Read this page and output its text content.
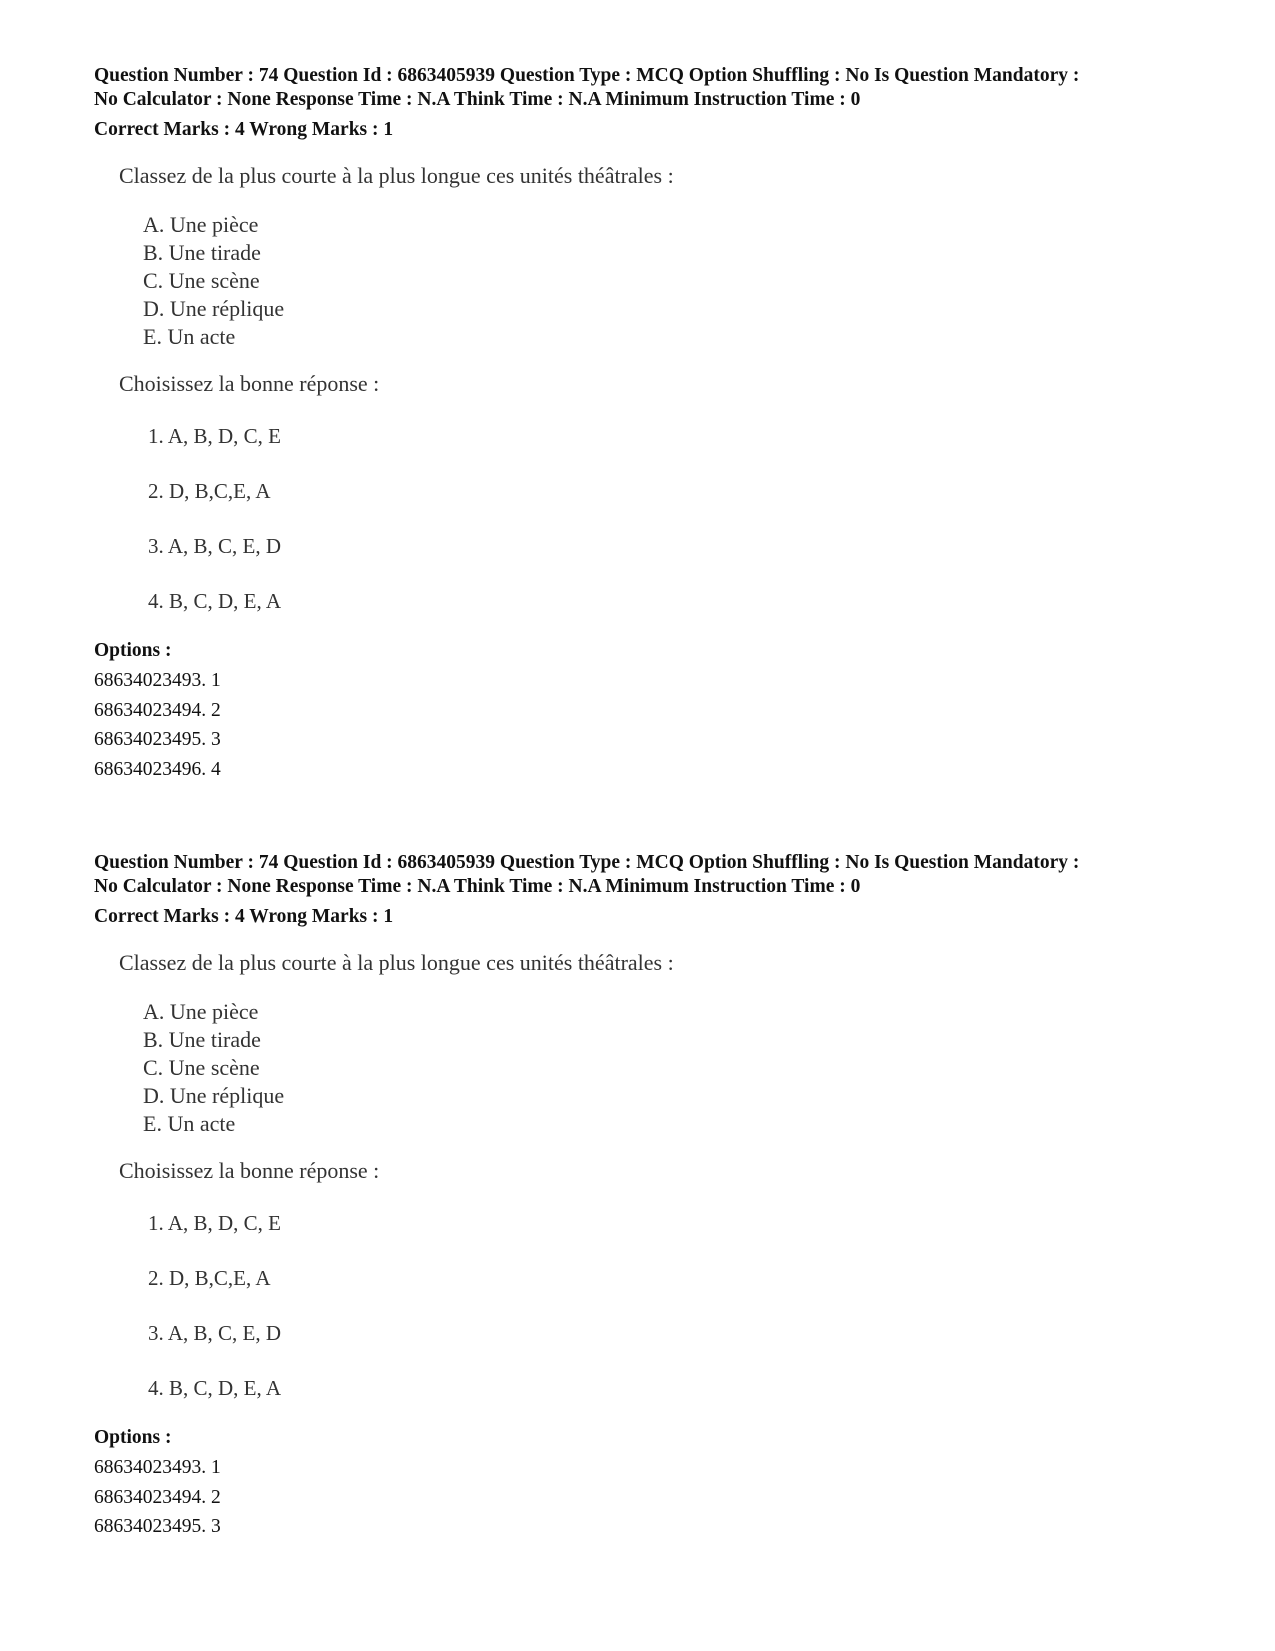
Question Number : 74 Question Id : 6863405939 Question Type : MCQ Option Shuffling : No Is Question Mandatory :
No Calculator : None Response Time : N.A Think Time : N.A Minimum Instruction Time : 0

Correct Marks : 4 Wrong Marks : 1

Classez de la plus courte à la plus longue ces unités théâtrales :

A. Une pièce
B. Une tirade
C. Une scène
D. Une réplique
E. Un acte

Choisissez la bonne réponse :

1. A, B, D, C, E
2. D, B,C,E, A
3. A, B, C, E, D
4. B, C, D, E, A

Options :

68634023493. 1
68634023494. 2
68634023495. 3
68634023496. 4

Question Number : 74 Question Id : 6863405939 Question Type : MCQ Option Shuffling : No Is Question Mandatory :
No Calculator : None Response Time : N.A Think Time : N.A Minimum Instruction Time : 0

Correct Marks : 4 Wrong Marks : 1

Classez de la plus courte à la plus longue ces unités théâtrales :

A. Une pièce
B. Une tirade
C. Une scène
D. Une réplique
E. Un acte

Choisissez la bonne réponse :

1. A, B, D, C, E
2. D, B,C,E, A
3. A, B, C, E, D
4. B, C, D, E, A

Options :

68634023493. 1
68634023494. 2
68634023495. 3
